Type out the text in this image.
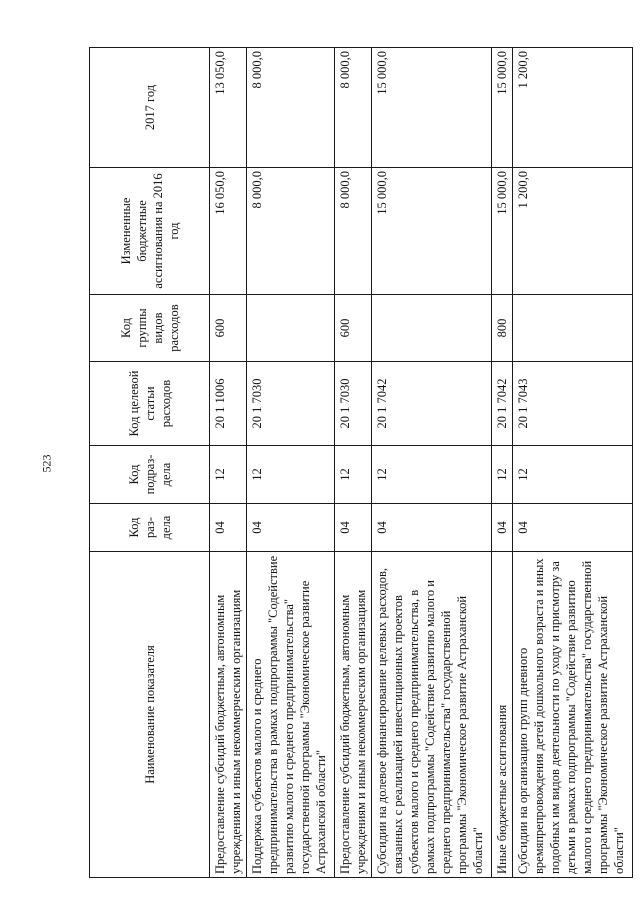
523
Наименование показателя	Код раз-дела	Код подраз-дела	Код целевой статьи расходов	Код группы видов расходов	Измененные бюджетные ассигнования на 2016 год	2017 год
Предоставление субсидий бюджетным, автономным учреждениям и иным некоммерческим организациям	04	12	20 1 1006	600	16 050,0	13 050,0
Поддержка субъектов малого и среднего предпринимательства в рамках подпрограммы "Содействие развитию малого и среднего предпринимательства" государственной программы "Экономическое развитие Астраханской области"	04	12	20 1 7030		8 000,0	8 000,0
Предоставление субсидий бюджетным, автономным учреждениям и иным некоммерческим организациям	04	12	20 1 7030	600	8 000,0	8 000,0
Субсидии на долевое финансирование целевых расходов, связанных с реализацией инвестиционных проектов субъектов малого и среднего предпринимательства, в рамках подпрограммы "Содействие развитию малого и среднего предпринимательства" государственной программы "Экономическое развитие Астраханской области"	04	12	20 1 7042		15 000,0	15 000,0
Иные бюджетные ассигнования	04	12	20 1 7042	800	15 000,0	15 000,0
Субсидии на организацию групп дневного времяпрепровождения детей дошкольного возраста и иных подобных им видов деятельности по уходу и присмотру за детьми в рамках подпрограммы "Содействие развитию малого и среднего предпринимательства" государственной программы "Экономическое развитие Астраханской области"	04	12	20 1 7043		1 200,0	1 200,0
